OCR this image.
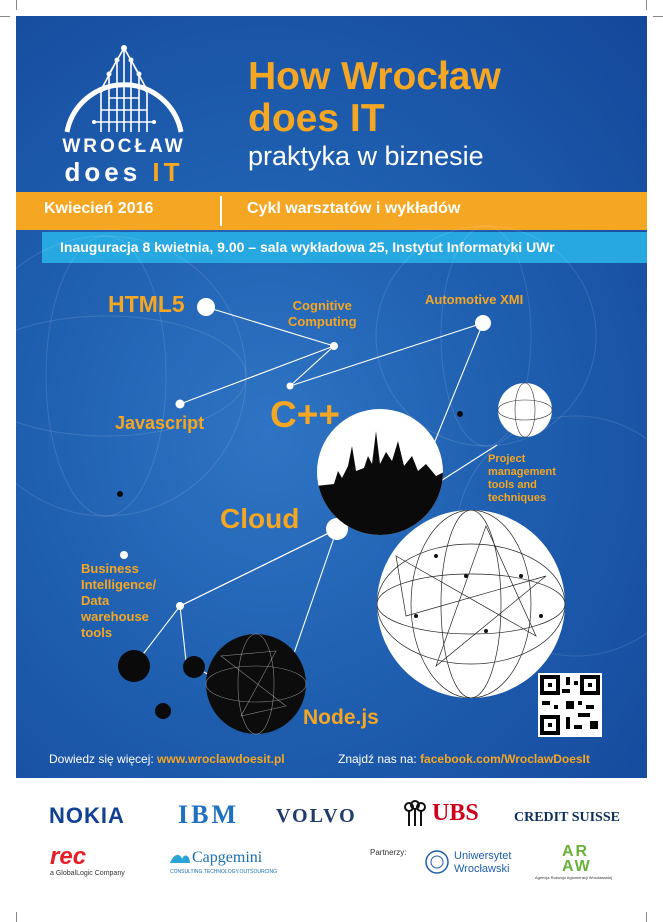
WROCŁAW
does IT
How Wrocław
does IT
praktyka w biznesie
Kwiecień 2016	Cykl warsztatów i wykładów
Inauguracja 8 kwietnia, 9.00 – sala wykładowa 25, Instytut Informatyki UWr
HTML5	Cognitive
Computing
Automotive XMI
Javascript C++
Project
management
tools and
techniques
Cloud
Business
Intelligence/
Data
warehouse
tools
Node.js
Dowiedz się więcej: www.wroclawdoesit.pl	Znajdź nas na: facebook.com/WroclawDoesIt
NOKIA IBM VOLVO	UBS	CREDIT SUISSE
rec
a GlobalLogic Company
Capgemini
CONSULTING.TECHNOLOGY.OUTSOURCING
Partnerzy:	Uniwersytet
Wrocławski
AR AW
Agencja Rozwoju Aglomeracji Wrocławskiej
